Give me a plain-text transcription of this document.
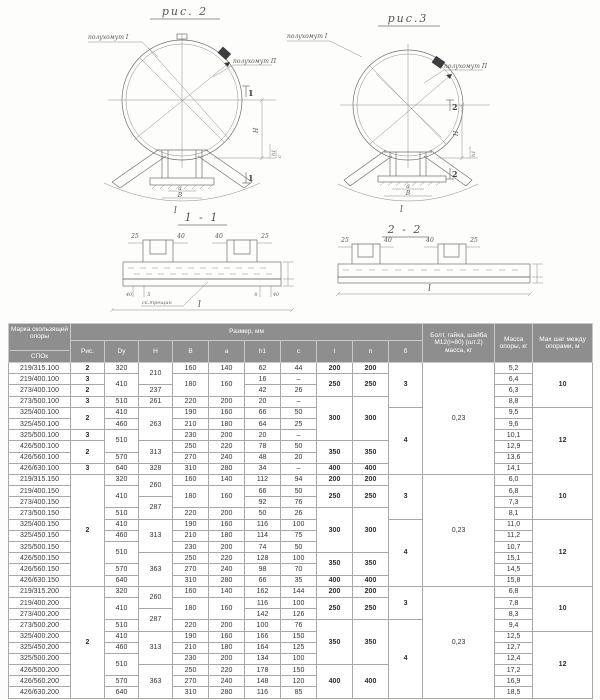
рис. 2
полухомут I
полухомут П
a
B
l
Н
h1
c
1
1
рис.3
полухомут I
полухомут П
a
B
l
Н
h1
2
2
1 - 1
25	40	40	25
40	5	8	40
ск.трещин	l
2 - 2
25	40	40	25
l
Марка скользящей опоры
СПОк	Размер, мм										Болт, гайка, шайба М12(l=80) (шт.2) масса, кг	Масса опоры, кг	Мах шаг между опорами, м
	Рис.	Dy	Н	В	а	h1	с	l	n	б			
219/315.100	2	320	210	160	140	62	44	200	200	3	0,23	5,2	10
219/400.100	3	410		180	160	16	–	250	250			6,4	
273/400.100	2		237			42	26					6,3	
273/500.100	3	510	261	220	200	20	–	300	300			8,8	
325/400.100	2	410	263	190	160	66	50			4		9,5	12
325/450.100		460		210	180	64	25					9,6	
325/500.100	3	510		230	200	20	–					10,1	
426/500.100	2		313	250	220	78	50	350	350			12,9	
426/560.100		570		270	240	48	20					13,6	
426/630.100	3	640	328	310	280	34	–	400	400			14,1	
219/315.150	2	320	260	160	140	112	94	200	200	3	0,23	6,0	10
219/400.150		410		180	160	66	50	250	250			6,8	
273/400.150			287			92	76					7,3	
273/500.150		510		220	200	50	26	300	300			8,1	
325/400.150		410	313	190	160	116	100			4		11,0	12
325/450.150		460		210	180	114	75					11,2	
325/500.150		510		230	200	74	50					10,7	
426/500.150			363	250	220	128	100	350	350			15,1	
426/560.150		570		270	240	98	70					14,5	
426/630.150		640		310	280	66	35	400	400			15,8	
219/315.200	2	320	260	160	140	162	144	200	200	3	0,23	6,8	10
219/400.200		410		180	160	116	100	250	250			7,8	
273/400.200			287			142	126					8,3	
273/500.200		510		220	200	100	76	350	350	4		9,4	
325/400.200		410	313	190	160	166	150					12,5	12
325/450.200		460		210	180	164	125					12,7	
325/500.200		510		230	200	134	100					12,4	
426/500.200			363	250	220	178	150	400	400			17,2	
426/560.200		570		270	240	148	120					16,9	
426/630.200		640		310	280	116	85					18,5	
